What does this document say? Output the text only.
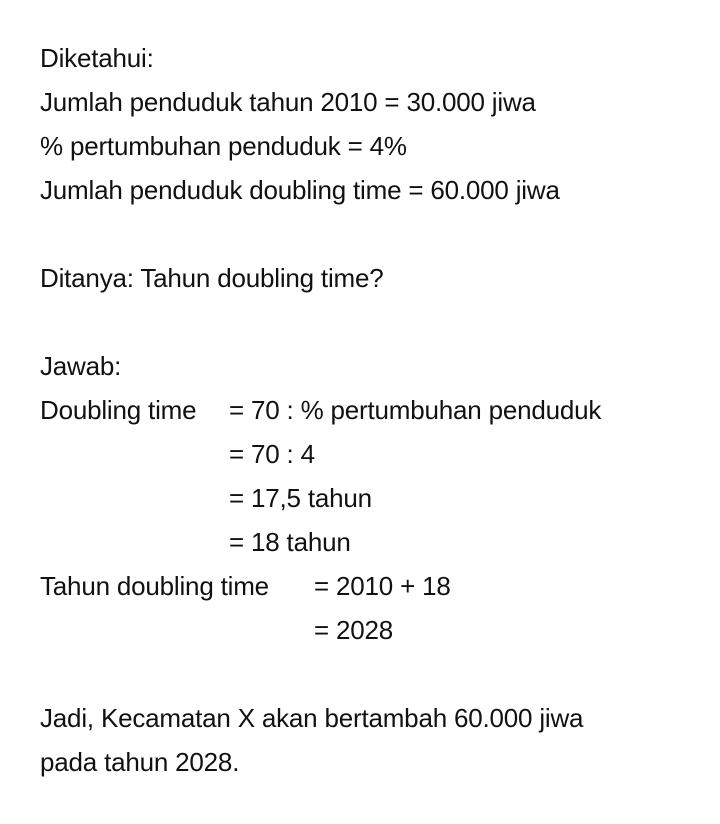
Diketahui:
Jumlah penduduk tahun 2010 = 30.000 jiwa
% pertumbuhan penduduk = 4%
Jumlah penduduk doubling time = 60.000 jiwa
Ditanya: Tahun doubling time?
Jawab:
Doubling time = 70 : % pertumbuhan penduduk
= 70 : 4
= 17,5 tahun
= 18 tahun
Tahun doubling time = 2010 + 18
= 2028
Jadi, Kecamatan X akan bertambah 60.000 jiwa
pada tahun 2028.
